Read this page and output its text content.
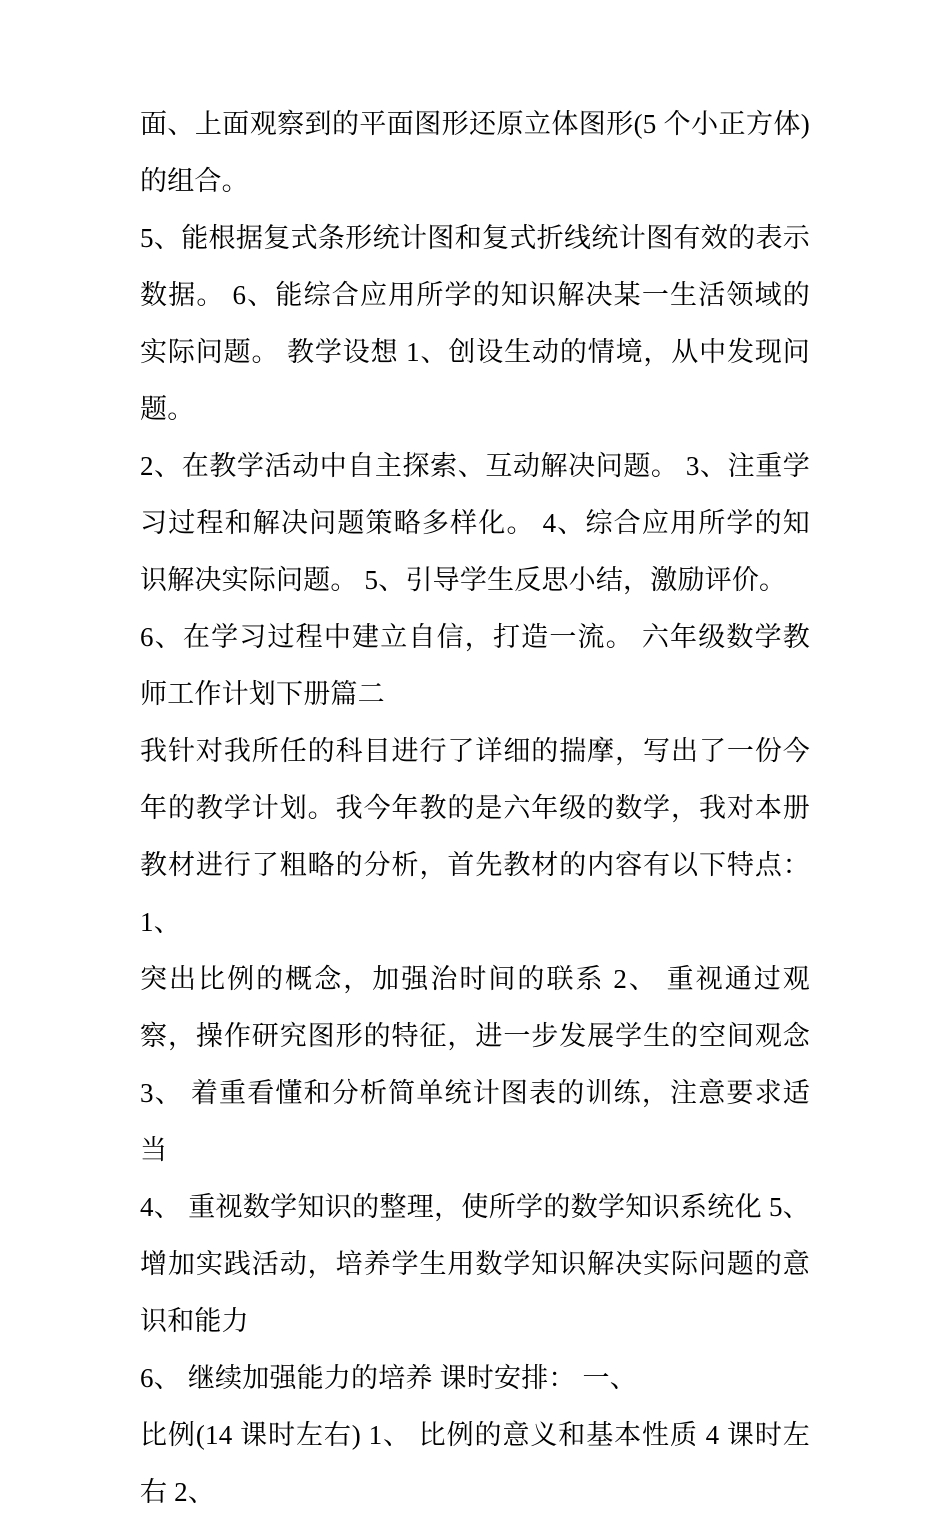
面、上面观察到的平面图形还原立体图形(5 个小正方体)的组合。

5、能根据复式条形统计图和复式折线统计图有效的表示数据。 6、能综合应用所学的知识解决某一生活领域的实际问题。 教学设想 1、创设生动的情境，从中发现问题。

2、在教学活动中自主探索、互动解决问题。 3、注重学习过程和解决问题策略多样化。 4、综合应用所学的知识解决实际问题。 5、引导学生反思小结，激励评价。

6、在学习过程中建立自信，打造一流。 六年级数学教师工作计划下册篇二

我针对我所任的科目进行了详细的揣摩，写出了一份今年的教学计划。我今年教的是六年级的数学，我对本册教材进行了粗略的分析，首先教材的内容有以下特点： 1、

突出比例的概念，加强治时间的联系 2、 重视通过观察，操作研究图形的特征，进一步发展学生的空间观念 3、 着重看懂和分析简单统计图表的训练，注意要求适当

4、 重视数学知识的整理，使所学的数学知识系统化 5、 增加实践活动，培养学生用数学知识解决实际问题的意识和能力

6、 继续加强能力的培养 课时安排： 一、

比例(14 课时左右) 1、 比例的意义和基本性质 4 课时左右 2、
